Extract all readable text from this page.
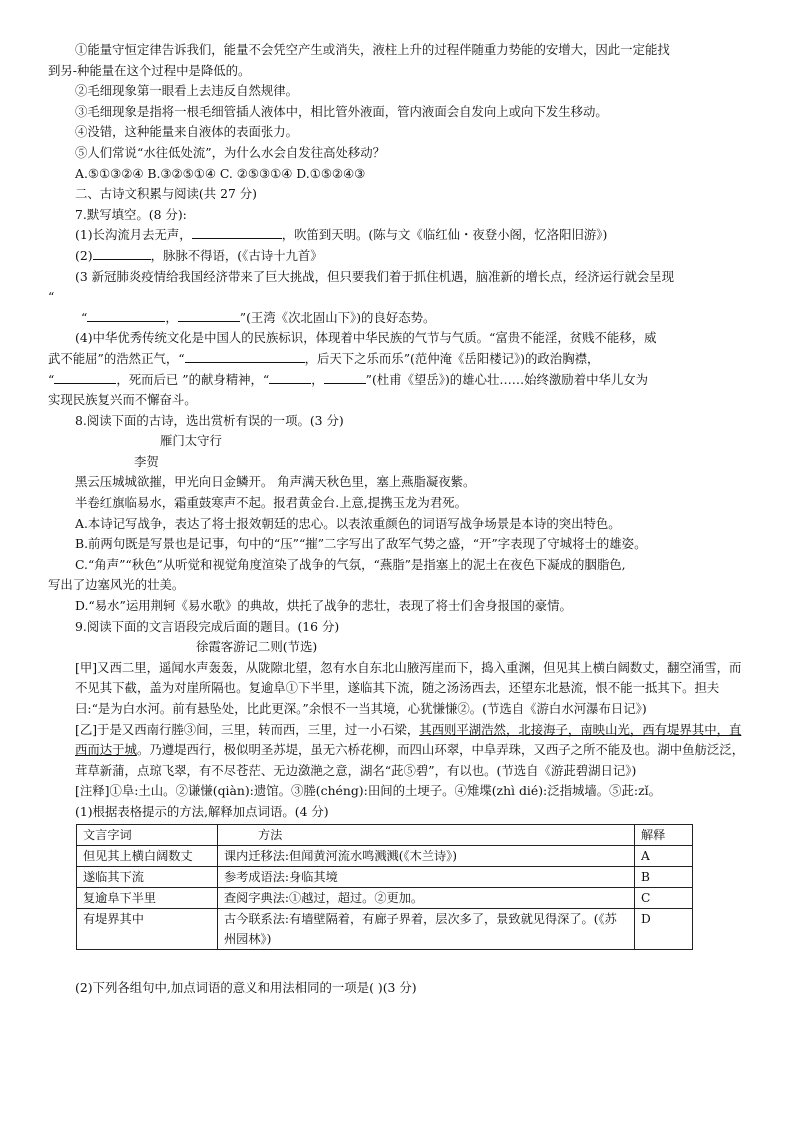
①能量守恒定律告诉我们，能量不会凭空产生或消失，液柱上升的过程伴随重力势能的安增大，因此一定能找

到另-种能量在这个过程中是降低的。

②毛细现象第一眼看上去违反自然规律。

③毛细现象是指将一根毛细管插人液体中，相比管外液面，管内液面会自发向上或向下发生移动。

④没错，这种能量来自液体的表面张力。

⑤人们常说“水往低处流”，为什么水会自发往高处移动？

A.⑤①③②④ B.③②⑤①④ C. ②⑤③①④ D.①⑤②④③

二、古诗文积累与阅读(共 27 分)

7.默写填空。(8 分):

(1)长沟流月去无声，	，吹笛到天明。(陈与文《临红仙・夜登小阁，忆洛阳旧游》)

(2)	，脉脉不得语，(《古诗十九首》

(3 新冠肺炎疫情给我国经济带来了巨大挑战，但只要我们着于抓住机遇，脑准新的增长点，经济运行就会呈现

“

“	，	”(王湾《次北固山下》)的良好态势。

(4)中华优秀传统文化是中国人的民族标识，体现着中华民族的气节与气质。“富贵不能淫，贫贱不能移，威

武不能屈”的浩然正气，“	，后天下之乐而乐”(范仲淹《岳阳楼记》)的政治胸襟，

“	，死而后已 ”的献身精神，“	，	”(杜甫《望岳》)的雄心壮……始终激励着中华儿女为

实现民族复兴而不懈奋斗。

8.阅读下面的古诗，选出赏析有误的一项。(3 分)

雁门太守行

李贺

黑云压城城欲摧，甲光向日金鳞开。 角声满天秋色里，塞上燕脂凝夜紫。

半卷红旗临易水，霜重鼓寒声不起。报君黄金台.上意,提携玉龙为君死。

A.本诗记写战争，表达了将士报效朝廷的忠心。以表浓重颜色的词语写战争场景是本诗的突出特色。

B.前两句既是写景也是记事，句中的“压”“摧”二字写出了敌军气势之盛，“开”字表现了守城将士的雄姿。

C.“角声”“秋色”从听觉和视觉角度渲染了战争的气氛，“燕脂”是指塞上的泥土在夜色下凝成的胭脂色,

写出了边塞风光的壮美。

D.“易水”运用荆轲《易水歌》的典故，烘托了战争的悲壮，表现了将士们舍身报国的豪情。

9.阅读下面的文言语段完成后面的题目。(16 分)

徐霞客游记二则(节选)

[甲]又西二里，遥闻水声轰轰，从陇隙北望，忽有水自东北山腋泻崖而下，捣入重渊，但见其上横白阔数丈，翻空涌雪，而不见其下截，盖为对崖所隔也。复逾阜①下半里，遂临其下流，随之汤汤西去，还望东北悬流，恨不能一抵其下。担夫曰:“是为白水河。前有悬坠处，比此更深。”余恨不一当其境，心犹慊慊②。(节选自《游白水河瀑布日记》)

[乙]于是又西南行塍③间，三里，转而西，三里，过一小石梁，其西则平湖浩然，北接海子，南映山光，西有堤界其中，直西而达于城。乃遵堤西行，极似明圣苏堤，虽无六桥花柳，而四山环翠，中阜弄珠，又西子之所不能及也。湖中鱼舫泛泛，茸草新蒲，点琼飞翠，有不尽苍茫、无边潋滟之意，湖名“茈⑤碧”，有以也。(节选自《游茈碧湖日记》)

[注释]①阜:土山。②谦慊(qiàn):遗馆。③塍(chéng):田间的土埂子。④雉堞(zhì dié):泛指城墙。⑤茈:zǐ。

(1)根据表格提示的方法,解释加点词语。(4 分)

文言字词	方法	解释
但见其上横白阔数丈	课内迁移法:但闻黄河流水鸣溅溅(《木兰诗》)	A
遂临其下流	参考成语法:身临其境	B
复逾阜下半里	查阅字典法:①越过，超过。②更加。	C
有堤界其中	古今联系法:有墙壁隔着，有廊子界着，层次多了，景致就见得深了。(《苏州园林》)	D

(2)下列各组句中,加点词语的意义和用法相同的一项是( )(3 分)
